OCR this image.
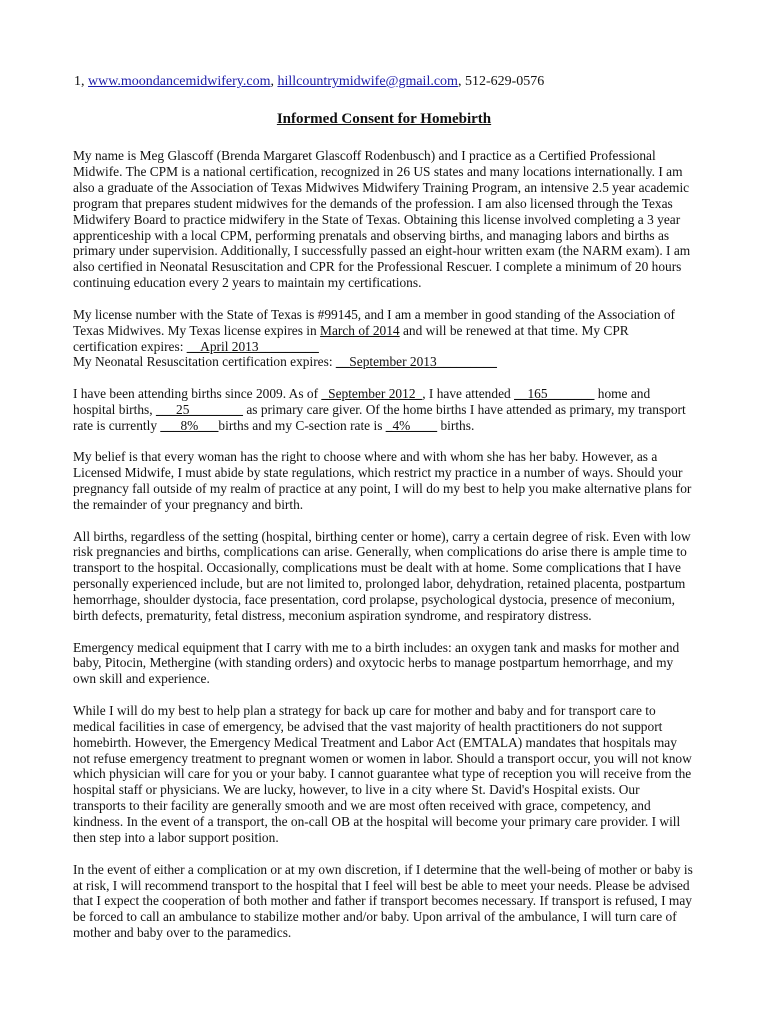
1, www.moondancemidwifery.com, hillcountrymidwife@gmail.com, 512-629-0576
Informed Consent for Homebirth

My name is Meg Glascoff (Brenda Margaret Glascoff Rodenbusch) and I practice as a Certified Professional Midwife. The CPM is a national certification, recognized in 26 US states and many locations internationally. I am also a graduate of the Association of Texas Midwives Midwifery Training Program, an intensive 2.5 year academic program that prepares student midwives for the demands of the profession. I am also licensed through the Texas Midwifery Board to practice midwifery in the State of Texas. Obtaining this license involved completing a 3 year apprenticeship with a local CPM, performing prenatals and observing births, and managing labors and births as primary under supervision. Additionally, I successfully passed an eight-hour written exam (the NARM exam). I am also certified in Neonatal Resuscitation and CPR for the Professional Rescuer. I complete a minimum of 20 hours continuing education every 2 years to maintain my certifications.

My license number with the State of Texas is #99145, and I am a member in good standing of the Association of Texas Midwives. My Texas license expires in March of 2014 and will be renewed at that time. My CPR certification expires: __April 2013_________
My Neonatal Resuscitation certification expires: __September 2013_________

I have been attending births since 2009. As of _September 2012_, I have attended __165_______ home and hospital births, ___25________ as primary care giver. Of the home births I have attended as primary, my transport rate is currently ___8%___births and my C-section rate is _4%____ births.

My belief is that every woman has the right to choose where and with whom she has her baby. However, as a Licensed Midwife, I must abide by state regulations, which restrict my practice in a number of ways. Should your pregnancy fall outside of my realm of practice at any point, I will do my best to help you make alternative plans for the remainder of your pregnancy and birth.

All births, regardless of the setting (hospital, birthing center or home), carry a certain degree of risk. Even with low risk pregnancies and births, complications can arise. Generally, when complications do arise there is ample time to transport to the hospital. Occasionally, complications must be dealt with at home. Some complications that I have personally experienced include, but are not limited to, prolonged labor, dehydration, retained placenta, postpartum hemorrhage, shoulder dystocia, face presentation, cord prolapse, psychological dystocia, presence of meconium, birth defects, prematurity, fetal distress, meconium aspiration syndrome, and respiratory distress.

Emergency medical equipment that I carry with me to a birth includes: an oxygen tank and masks for mother and baby, Pitocin, Methergine (with standing orders) and oxytocic herbs to manage postpartum hemorrhage, and my own skill and experience.

While I will do my best to help plan a strategy for back up care for mother and baby and for transport care to medical facilities in case of emergency, be advised that the vast majority of health practitioners do not support homebirth. However, the Emergency Medical Treatment and Labor Act (EMTALA) mandates that hospitals may not refuse emergency treatment to pregnant women or women in labor. Should a transport occur, you will not know which physician will care for you or your baby. I cannot guarantee what type of reception you will receive from the hospital staff or physicians. We are lucky, however, to live in a city where St. David's Hospital exists. Our transports to their facility are generally smooth and we are most often received with grace, competency, and kindness. In the event of a transport, the on-call OB at the hospital will become your primary care provider. I will then step into a labor support position.

In the event of either a complication or at my own discretion, if I determine that the well-being of mother or baby is at risk, I will recommend transport to the hospital that I feel will best be able to meet your needs. Please be advised that I expect the cooperation of both mother and father if transport becomes necessary. If transport is refused, I may be forced to call an ambulance to stabilize mother and/or baby. Upon arrival of the ambulance, I will turn care of mother and baby over to the paramedics.
